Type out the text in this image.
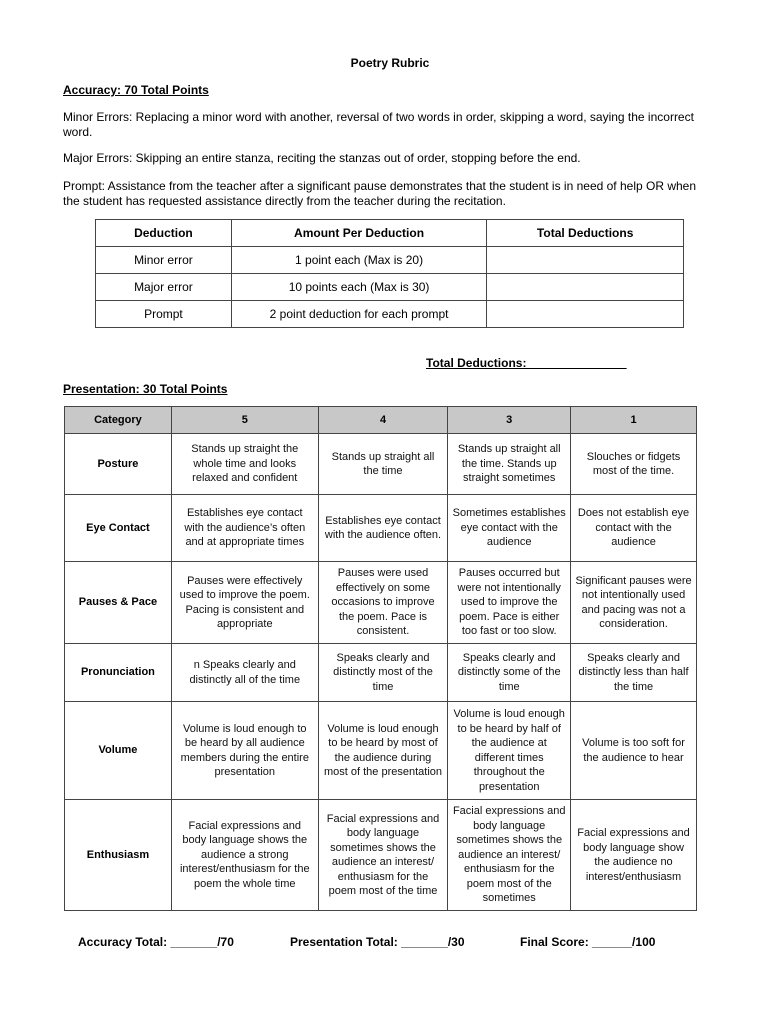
Poetry Rubric
Accuracy: 70 Total Points
Minor Errors: Replacing a minor word with another, reversal of two words in order, skipping a word, saying the incorrect word.
Major Errors: Skipping an entire stanza, reciting the stanzas out of order, stopping before the end.
Prompt: Assistance from the teacher after a significant pause demonstrates that the student is in need of help OR when the student has requested assistance directly from the teacher during the recitation.
Deduction	Amount Per Deduction	Total Deductions
Minor error	1 point each (Max is 20)	
Major error	10 points each (Max is 30)	
Prompt	2 point deduction for each prompt	
Total Deductions:_______________
Presentation: 30 Total Points
Category	5	4	3	1
Posture	Stands up straight the whole time and looks relaxed and confident	Stands up straight all the time	Stands up straight all the time. Stands up straight sometimes	Slouches or fidgets most of the time.
Eye Contact	Establishes eye contact with the audience’s often and at appropriate times	Establishes eye contact with the audience often.	Sometimes establishes eye contact with the audience	Does not establish eye contact with the audience
Pauses & Pace	Pauses were effectively used to improve the poem. Pacing is consistent and appropriate	Pauses were used effectively on some occasions to improve the poem. Pace is consistent.	Pauses occurred but were not intentionally used to improve the poem. Pace is either too fast or too slow.	Significant pauses were not intentionally used and pacing was not a consideration.
Pronunciation	n Speaks clearly and distinctly all of the time	Speaks clearly and distinctly most of the time	Speaks clearly and distinctly some of the time	Speaks clearly and distinctly less than half the time
Volume	Volume is loud enough to be heard by all audience members during the entire presentation	Volume is loud enough to be heard by most of the audience during most of the presentation	Volume is loud enough to be heard by half of the audience at different times throughout the presentation	Volume is too soft for the audience to hear
Enthusiasm	Facial expressions and body language shows the audience a strong interest/enthusiasm for the poem the whole time	Facial expressions and body language sometimes shows the audience an interest/ enthusiasm for the poem most of the time	Facial expressions and body language sometimes shows the audience an interest/ enthusiasm for the poem most of the sometimes	Facial expressions and body language show the audience no interest/enthusiasm
Accuracy Total: _______/70	Presentation Total: _______/30	Final Score: ______/100
